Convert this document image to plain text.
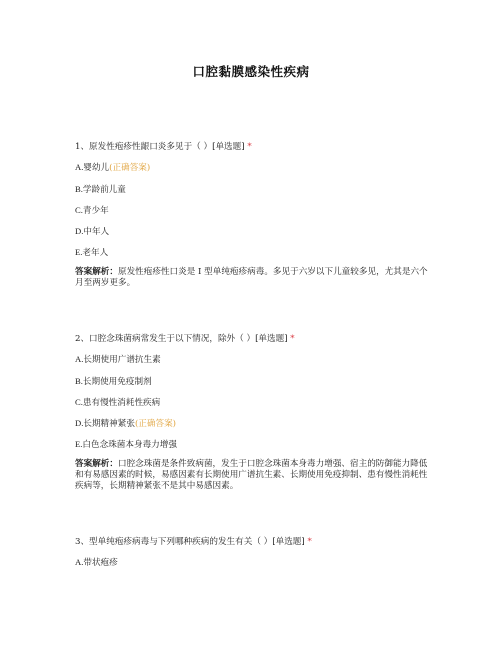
口腔黏膜感染性疾病
1、原发性疱疹性龈口炎多见于（ ）[单选题] *
A.婴幼儿(正确答案)
B.学龄前儿童
C.青少年
D.中年人
E.老年人
答案解析：原发性疱疹性口炎是 I 型单纯疱疹病毒。多见于六岁以下儿童较多见，尤其是六个月至两岁更多。
2、口腔念珠菌病常发生于以下情况，除外（ ）[单选题] *
A.长期使用广谱抗生素
B.长期使用免疫制剂
C.患有慢性消耗性疾病
D.长期精神紧张(正确答案)
E.白色念珠菌本身毒力增强
答案解析：口腔念珠菌是条件致病菌，发生于口腔念珠菌本身毒力增强、宿主的防御能力降低和有易感因素的时候，易感因素有长期使用广谱抗生素、长期使用免疫抑制、患有慢性消耗性疾病等，长期精神紧张不是其中易感因素。
3、型单纯疱疹病毒与下列哪种疾病的发生有关（ ）[单选题] *
A.带状疱疹
